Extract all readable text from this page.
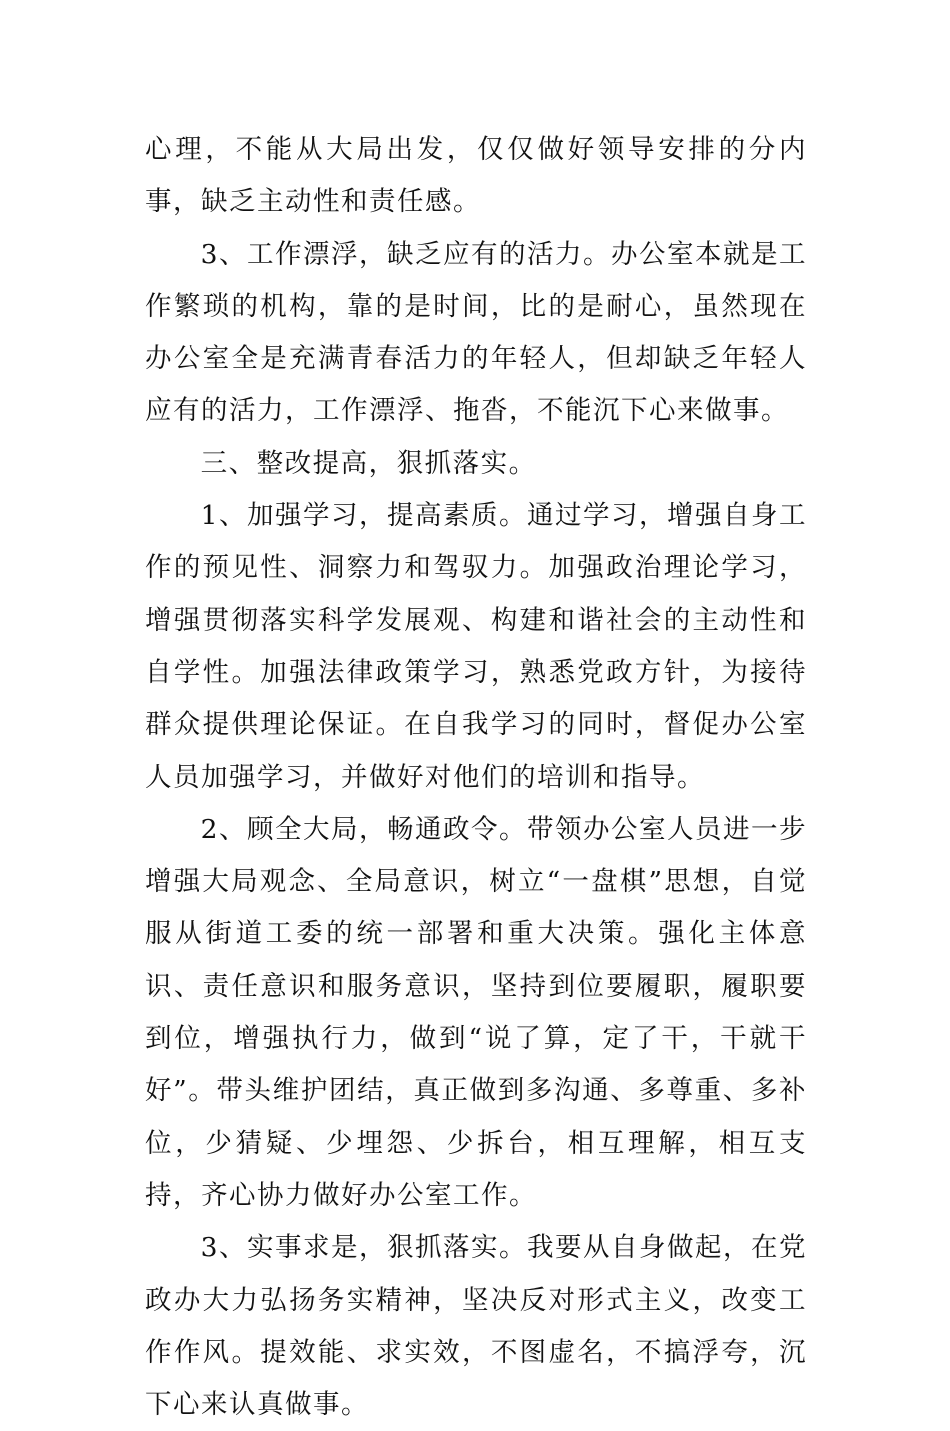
心理，不能从大局出发，仅仅做好领导安排的分内事，缺乏主动性和责任感。

3、工作漂浮，缺乏应有的活力。办公室本就是工作繁琐的机构，靠的是时间，比的是耐心，虽然现在办公室全是充满青春活力的年轻人，但却缺乏年轻人应有的活力，工作漂浮、拖沓，不能沉下心来做事。

三、整改提高，狠抓落实。

1、加强学习，提高素质。通过学习，增强自身工作的预见性、洞察力和驾驭力。加强政治理论学习，增强贯彻落实科学发展观、构建和谐社会的主动性和自学性。加强法律政策学习，熟悉党政方针，为接待群众提供理论保证。在自我学习的同时，督促办公室人员加强学习，并做好对他们的培训和指导。

2、顾全大局，畅通政令。带领办公室人员进一步增强大局观念、全局意识，树立“一盘棋”思想，自觉服从街道工委的统一部署和重大决策。强化主体意识、责任意识和服务意识，坚持到位要履职，履职要到位，增强执行力，做到“说了算，定了干，干就干好”。带头维护团结，真正做到多沟通、多尊重、多补位，少猜疑、少埋怨、少拆台，相互理解，相互支持，齐心协力做好办公室工作。

3、实事求是，狠抓落实。我要从自身做起，在党政办大力弘扬务实精神，坚决反对形式主义，改变工作作风。提效能、求实效，不图虚名，不搞浮夸，沉下心来认真做事。
